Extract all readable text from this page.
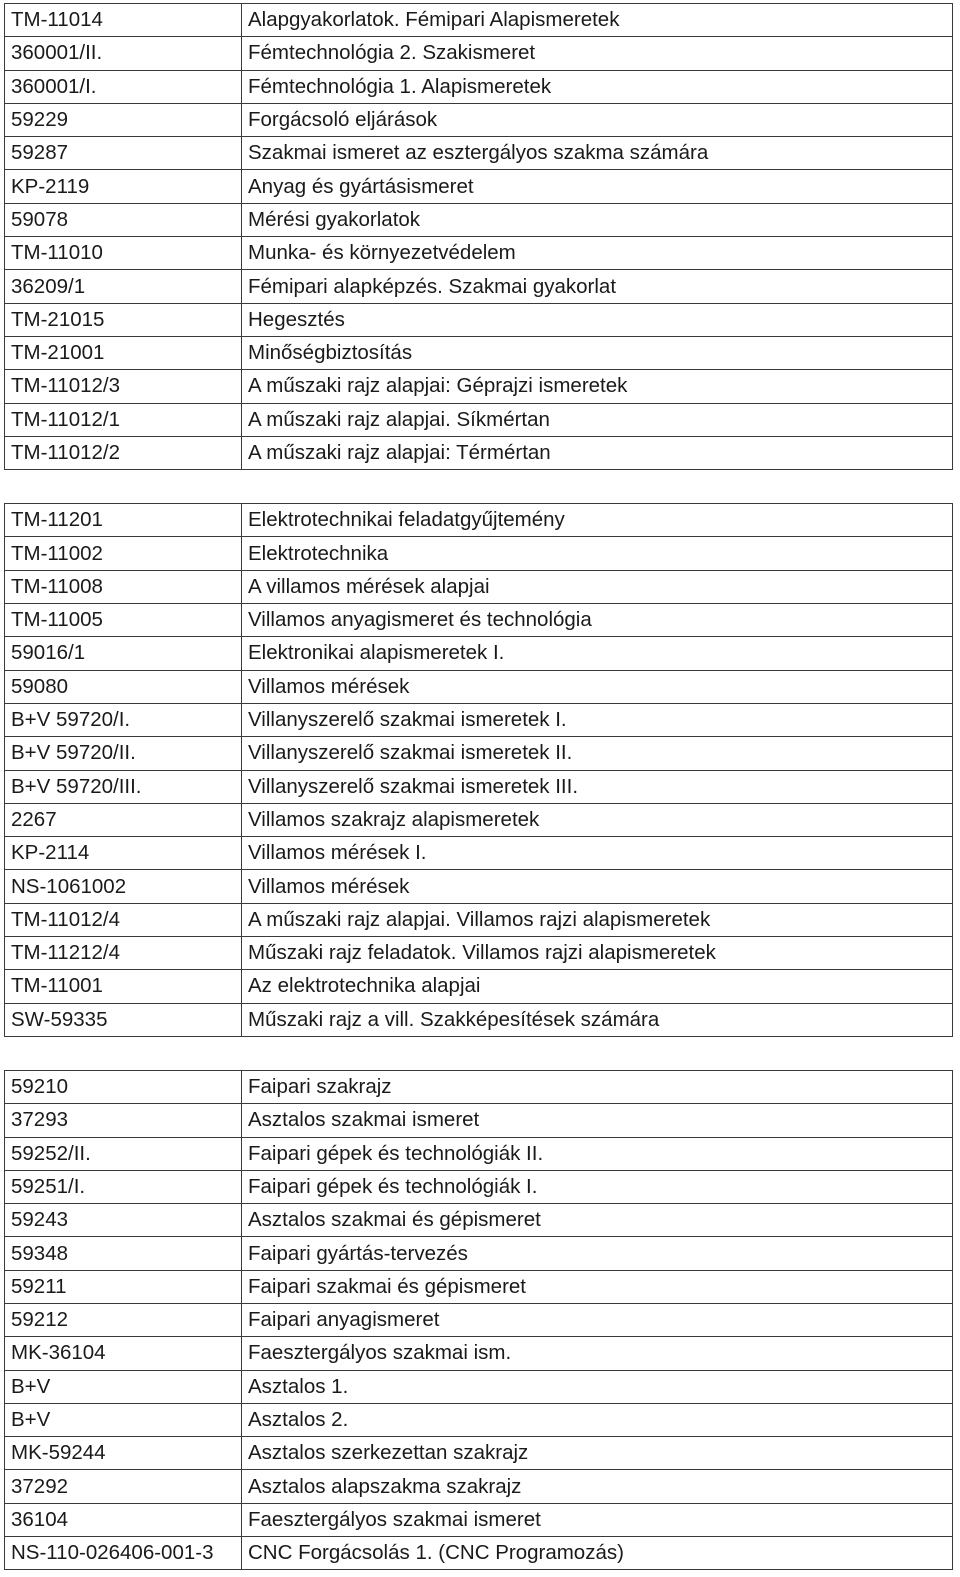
TM-11014	Alapgyakorlatok. Fémipari Alapismeretek
360001/II.	Fémtechnológia 2. Szakismeret
360001/I.	Fémtechnológia 1. Alapismeretek
59229	Forgácsoló eljárások
59287	Szakmai ismeret az esztergályos szakma számára
KP-2119	Anyag és gyártásismeret
59078	Mérési gyakorlatok
TM-11010	Munka- és környezetvédelem
36209/1	Fémipari alapképzés. Szakmai gyakorlat
TM-21015	Hegesztés
TM-21001	Minőségbiztosítás
TM-11012/3	A műszaki rajz alapjai: Géprajzi ismeretek
TM-11012/1	A műszaki rajz alapjai. Síkmértan
TM-11012/2	A műszaki rajz alapjai: Térmértan
TM-11201	Elektrotechnikai feladatgyűjtemény
TM-11002	Elektrotechnika
TM-11008	A villamos mérések alapjai
TM-11005	Villamos anyagismeret és technológia
59016/1	Elektronikai alapismeretek I.
59080	Villamos mérések
B+V 59720/I.	Villanyszerelő szakmai ismeretek I.
B+V 59720/II.	Villanyszerelő szakmai ismeretek II.
B+V 59720/III.	Villanyszerelő szakmai ismeretek III.
2267	Villamos szakrajz alapismeretek
KP-2114	Villamos mérések I.
NS-1061002	Villamos mérések
TM-11012/4	A műszaki rajz alapjai. Villamos rajzi alapismeretek
TM-11212/4	Műszaki rajz feladatok. Villamos rajzi alapismeretek
TM-11001	Az elektrotechnika alapjai
SW-59335	Műszaki rajz a vill. Szakképesítések számára
59210	Faipari szakrajz
37293	Asztalos szakmai ismeret
59252/II.	Faipari gépek és technológiák II.
59251/I.	Faipari gépek és technológiák I.
59243	Asztalos szakmai és gépismeret
59348	Faipari gyártás-tervezés
59211	Faipari szakmai és gépismeret
59212	Faipari anyagismeret
MK-36104	Faesztergályos szakmai ism.
B+V	Asztalos 1.
B+V	Asztalos 2.
MK-59244	Asztalos szerkezettan szakrajz
37292	Asztalos alapszakma szakrajz
36104	Faesztergályos szakmai ismeret
NS-110-026406-001-3	CNC Forgácsolás 1. (CNC Programozás)
